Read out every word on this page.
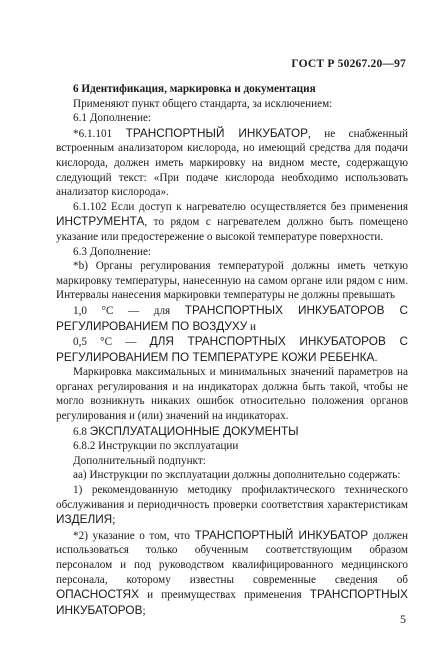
ГОСТ Р 50267.20—97

6 Идентификация, маркировка и документация

Применяют пункт общего стандарта, за исключением:

6.1 Дополнение:

*6.1.101 ТРАНСПОРТНЫЙ ИНКУБАТОР, не снабженный встроенным анализатором кислорода, но имеющий средства для подачи кислорода, должен иметь маркировку на видном месте, содержащую следующий текст: «При подаче кислорода необходимо использовать анализатор кислорода».

6.1.102 Если доступ к нагревателю осуществляется без применения ИНСТРУМЕНТА, то рядом с нагревателем должно быть помещено указание или предостережение о высокой температуре поверхности.

6.3 Дополнение:

*b) Органы регулирования температурой должны иметь четкую маркировку температуры, нанесенную на самом органе или рядом с ним. Интервалы нанесения маркировки температуры не должны превышать

1,0 °С — для ТРАНСПОРТНЫХ ИНКУБАТОРОВ С РЕГУЛИРОВАНИЕМ ПО ВОЗДУХУ и

0,5 °С — ДЛЯ ТРАНСПОРТНЫХ ИНКУБАТОРОВ С РЕГУЛИРОВАНИЕМ ПО ТЕМПЕРАТУРЕ КОЖИ РЕБЕНКА.

Маркировка максимальных и минимальных значений параметров на органах регулирования и на индикаторах должна быть такой, чтобы не могло возникнуть никаких ошибок относительно положения органов регулирования и (или) значений на индикаторах.

6.8 ЭКСПЛУАТАЦИОННЫЕ ДОКУМЕНТЫ

6.8.2 Инструкции по эксплуатации

Дополнительный подпункт:

аа) Инструкции по эксплуатации должны дополнительно содержать:

1) рекомендованную методику профилактического технического обслуживания и периодичность проверки соответствия характеристикам ИЗДЕЛИЯ;

*2) указание о том, что ТРАНСПОРТНЫЙ ИНКУБАТОР должен использоваться только обученным соответствующим образом персоналом и под руководством квалифицированного медицинского персонала, которому известны современные сведения об ОПАСНОСТЯХ и преимуществах применения ТРАНСПОРТНЫХ ИНКУБАТОРОВ;

5
